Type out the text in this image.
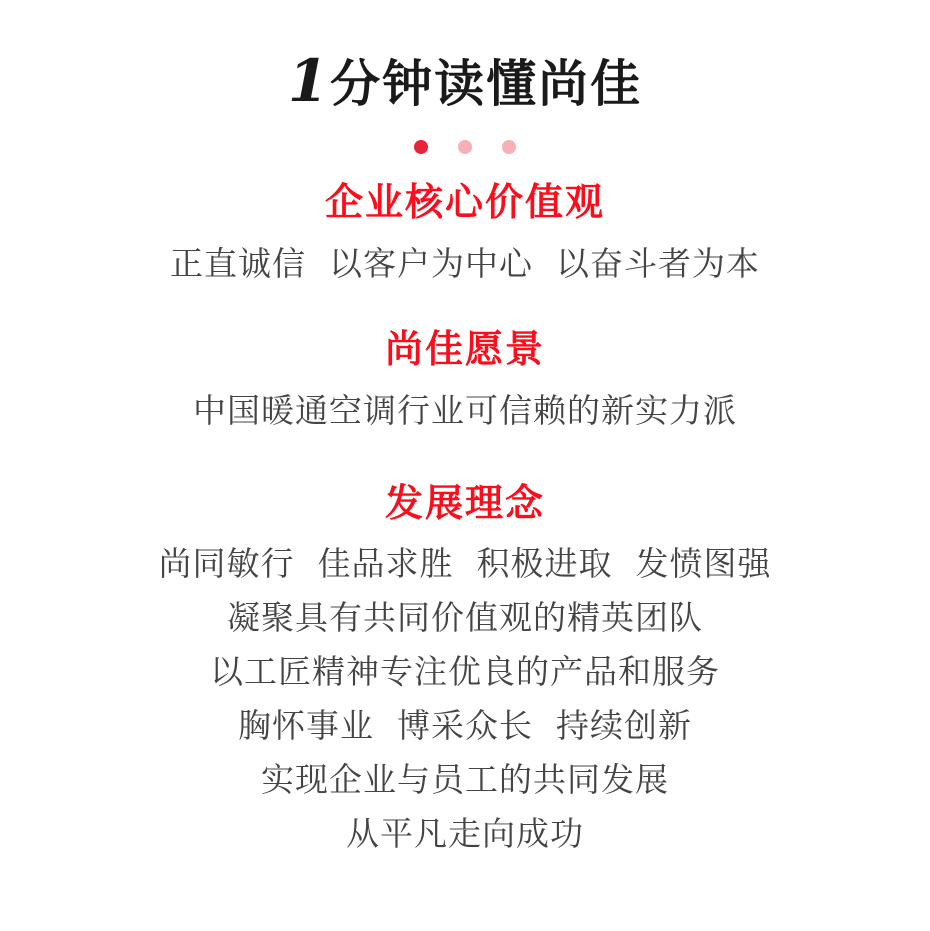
1 分钟读懂尚佳
企业核心价值观
正直诚信  以客户为中心  以奋斗者为本
尚佳愿景
中国暖通空调行业可信赖的新实力派
发展理念
尚同敏行  佳品求胜  积极进取  发愤图强
凝聚具有共同价值观的精英团队
以工匠精神专注优良的产品和服务
胸怀事业  博采众长  持续创新
实现企业与员工的共同发展
从平凡走向成功
